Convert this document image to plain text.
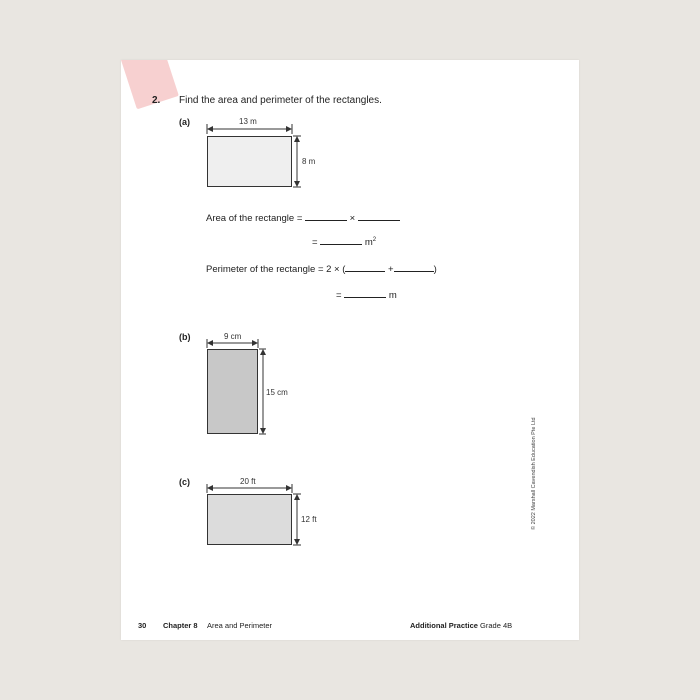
2. Find the area and perimeter of the rectangles.
(a)	13 m
8 m
Area of the rectangle =	×
=	$m^2$
Perimeter of the rectangle = 2 × (	+	)
=	m
(b)	9 cm
15 cm
(c)	20 ft
12 ft	© 2022 Marshall Cavendish Education Pte Ltd
30 Chapter 8 Area and Perimeter	Additional Practice Grade 4B
